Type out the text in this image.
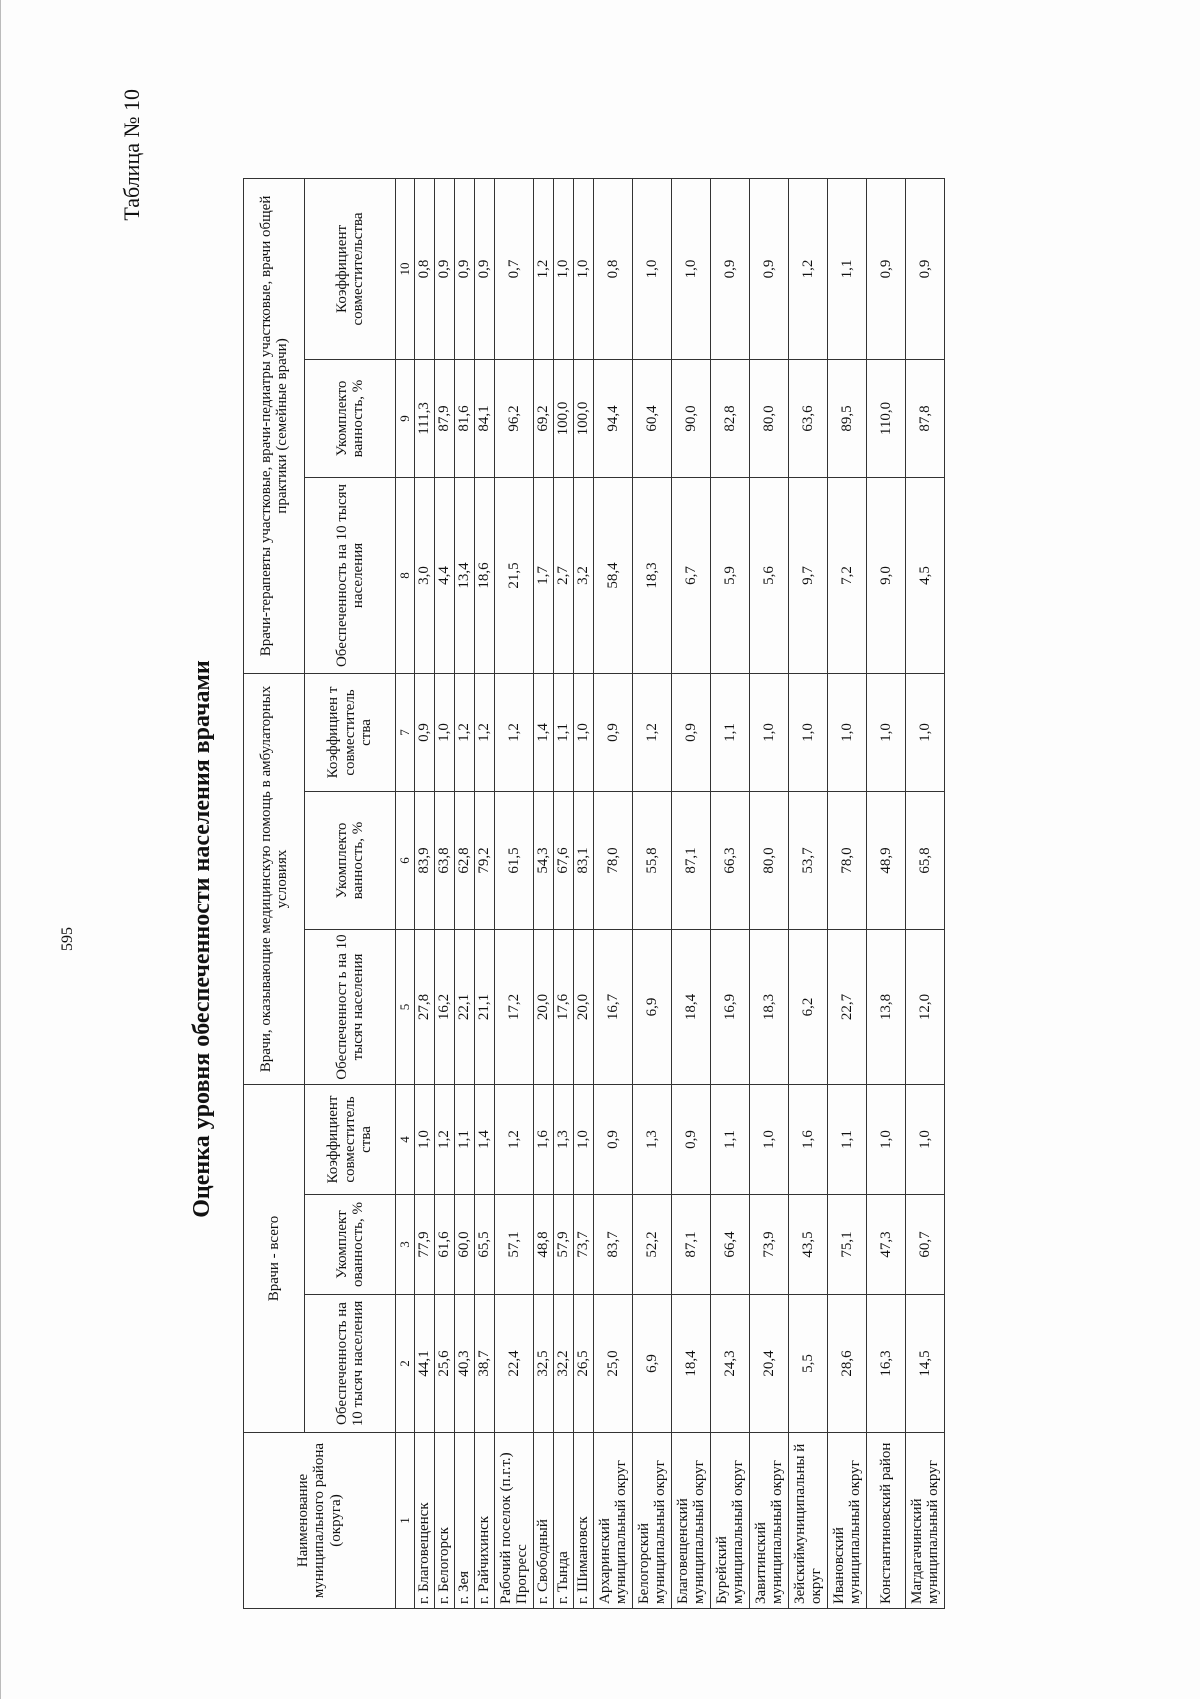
595
Таблица № 10
Оценка уровня обеспеченности населения врачами
Наименование муниципального района (округа)	Врачи - всего			Врачи, оказывающие медицинскую помощь в амбулаторных условиях			Врачи-терапевты участковые, врачи-педиатры участковые, врачи общей практики (семейные врачи)		
	Обеспеченность на 10 тысяч населения	Укомплект ованность, %	Коэффициент совместитель ства	Обеспеченност ь на 10 тысяч населения	Укомплекто ванность, %	Коэффициен т совместитель ства	Обеспеченность на 10 тысяч населения	Укомплекто ванность, %	Коэффициент совместительства
1	2	3	4	5	6	7	8	9	10
г. Благовещенск	44,1	77,9	1,0	27,8	83,9	0,9	3,0	111,3	0,8
г. Белогорск	25,6	61,6	1,2	16,2	63,8	1,0	4,4	87,9	0,9
г. Зея	40,3	60,0	1,1	22,1	62,8	1,2	13,4	81,6	0,9
г. Райчихинск	38,7	65,5	1,4	21,1	79,2	1,2	18,6	84,1	0,9
Рабочий поселок (п.г.т.) Прогресс	22,4	57,1	1,2	17,2	61,5	1,2	21,5	96,2	0,7
г. Свободный	32,5	48,8	1,6	20,0	54,3	1,4	1,7	69,2	1,2
г. Тында	32,2	57,9	1,3	17,6	67,6	1,1	2,7	100,0	1,0
г. Шимановск	26,5	73,7	1,0	20,0	83,1	1,0	3,2	100,0	1,0
Архаринский муниципальный округ	25,0	83,7	0,9	16,7	78,0	0,9	58,4	94,4	0,8
Белогорский муниципальный округ	6,9	52,2	1,3	6,9	55,8	1,2	18,3	60,4	1,0
Благовещенский муниципальный округ	18,4	87,1	0,9	18,4	87,1	0,9	6,7	90,0	1,0
Бурейский муниципальный округ	24,3	66,4	1,1	16,9	66,3	1,1	5,9	82,8	0,9
Завитинский муниципальный округ	20,4	73,9	1,0	18,3	80,0	1,0	5,6	80,0	0,9
Зейскиймуниципальны й округ	5,5	43,5	1,6	6,2	53,7	1,0	9,7	63,6	1,2
Ивановский муниципальный округ	28,6	75,1	1,1	22,7	78,0	1,0	7,2	89,5	1,1
Константиновский район	16,3	47,3	1,0	13,8	48,9	1,0	9,0	110,0	0,9
Магдагачинский муниципальный округ	14,5	60,7	1,0	12,0	65,8	1,0	4,5	87,8	0,9
